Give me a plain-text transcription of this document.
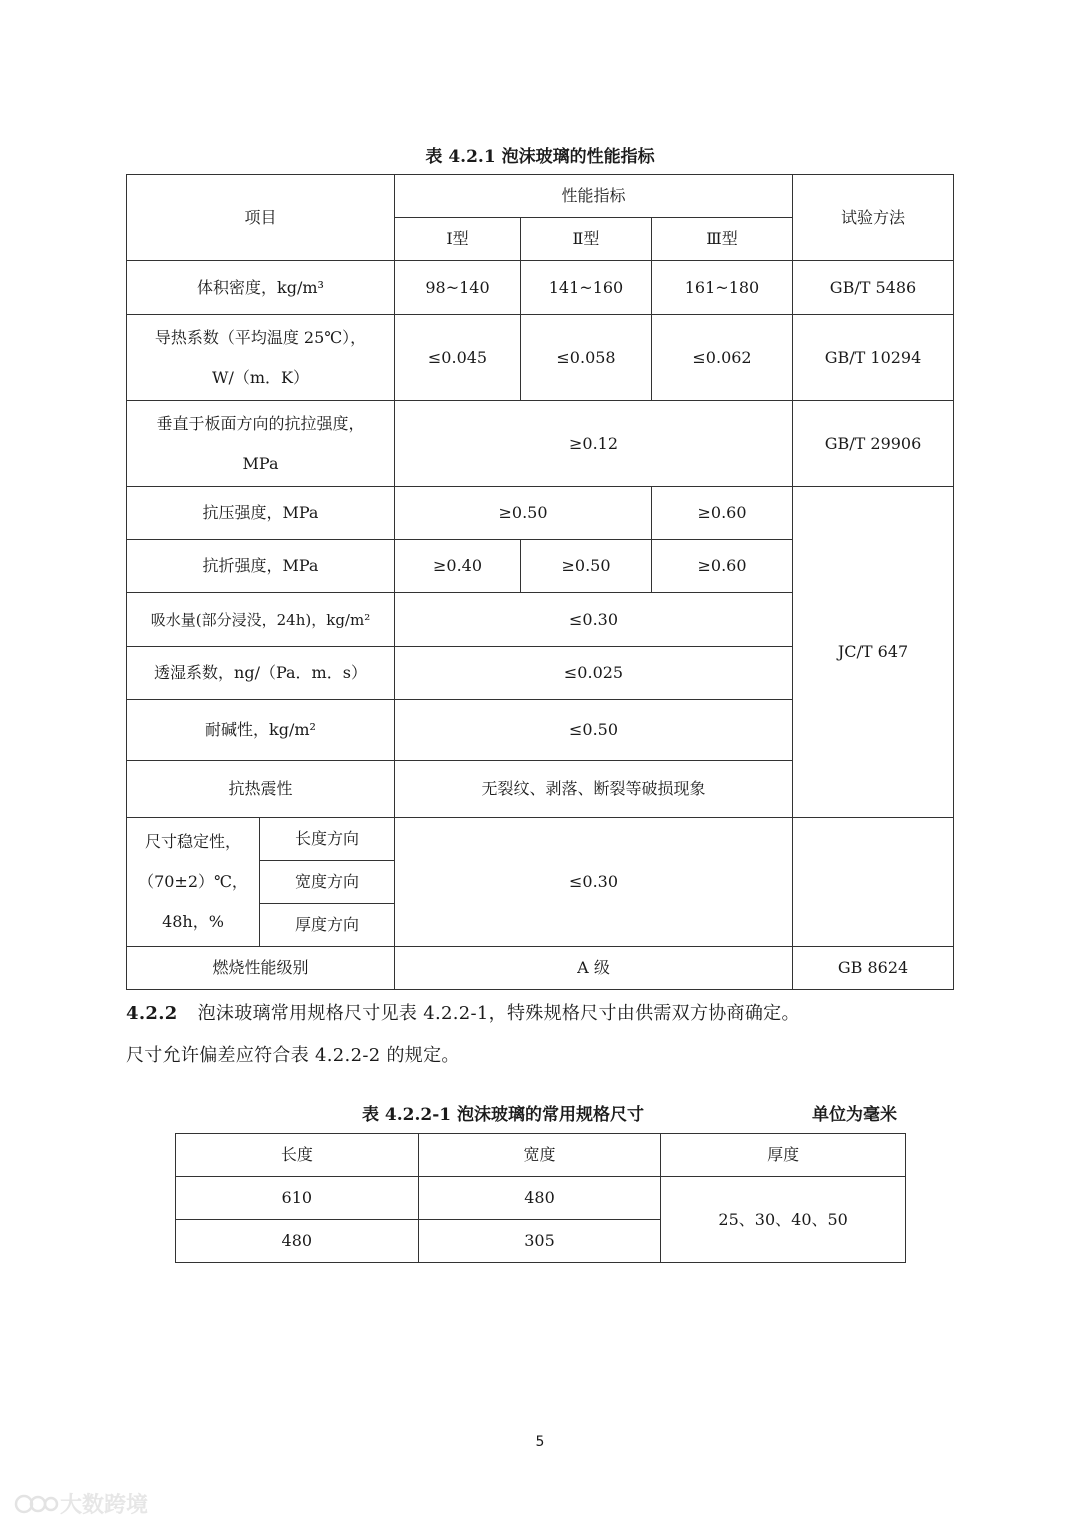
表 4.2.1 泡沫玻璃的性能指标

项目		性能指标			试验方法
		Ⅰ型	Ⅱ型	Ⅲ型	
体积密度，kg/m³		98~140	141~160	161~180	GB/T 5486

导热系数（平均温度 25℃），
W/（m．K）		≤0.045	≤0.058	≤0.062	GB/T 10294

垂直于板面方向的抗拉强度，
MPa		≥0.12			GB/T 29906
抗压强度，MPa		≥0.50		≥0.60	JC/T 647
抗折强度，MPa		≥0.40	≥0.50	≥0.60	
吸水量(部分浸没，24h)，kg/m²		≤0.30			
透湿系数，ng/（Pa．m．s）		≤0.025			
耐碱性，kg/m²		≤0.50			
抗热震性		无裂纹、剥落、断裂等破损现象			

尺寸稳定性，
（70±2）℃，
48h，%	长度方向	≤0.30			
	宽度方向				
	厚度方向				
燃烧性能级别		A 级			GB 8624

4.2.2 泡沫玻璃常用规格尺寸见表 4.2.2-1，特殊规格尺寸由供需双方协商确定。

尺寸允许偏差应符合表 4.2.2-2 的规定。

表 4.2.2-1 泡沫玻璃的常用规格尺寸	单位为毫米

长度	宽度	厚度
610	480	25、30、40、50
480	305	
5
大数跨境
